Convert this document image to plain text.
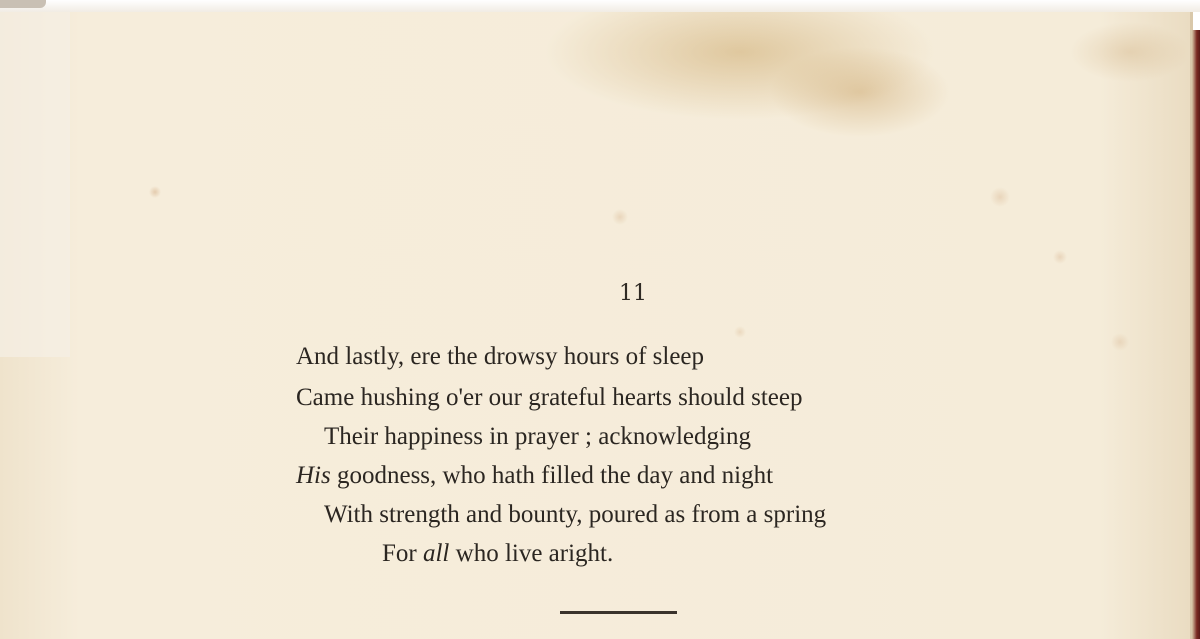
11

And lastly, ere the drowsy hours of sleep
Came hushing o'er our grateful hearts should steep
Their happiness in prayer ; acknowledging
His goodness, who hath filled the day and night
With strength and bounty, poured as from a spring
For all who live aright.
